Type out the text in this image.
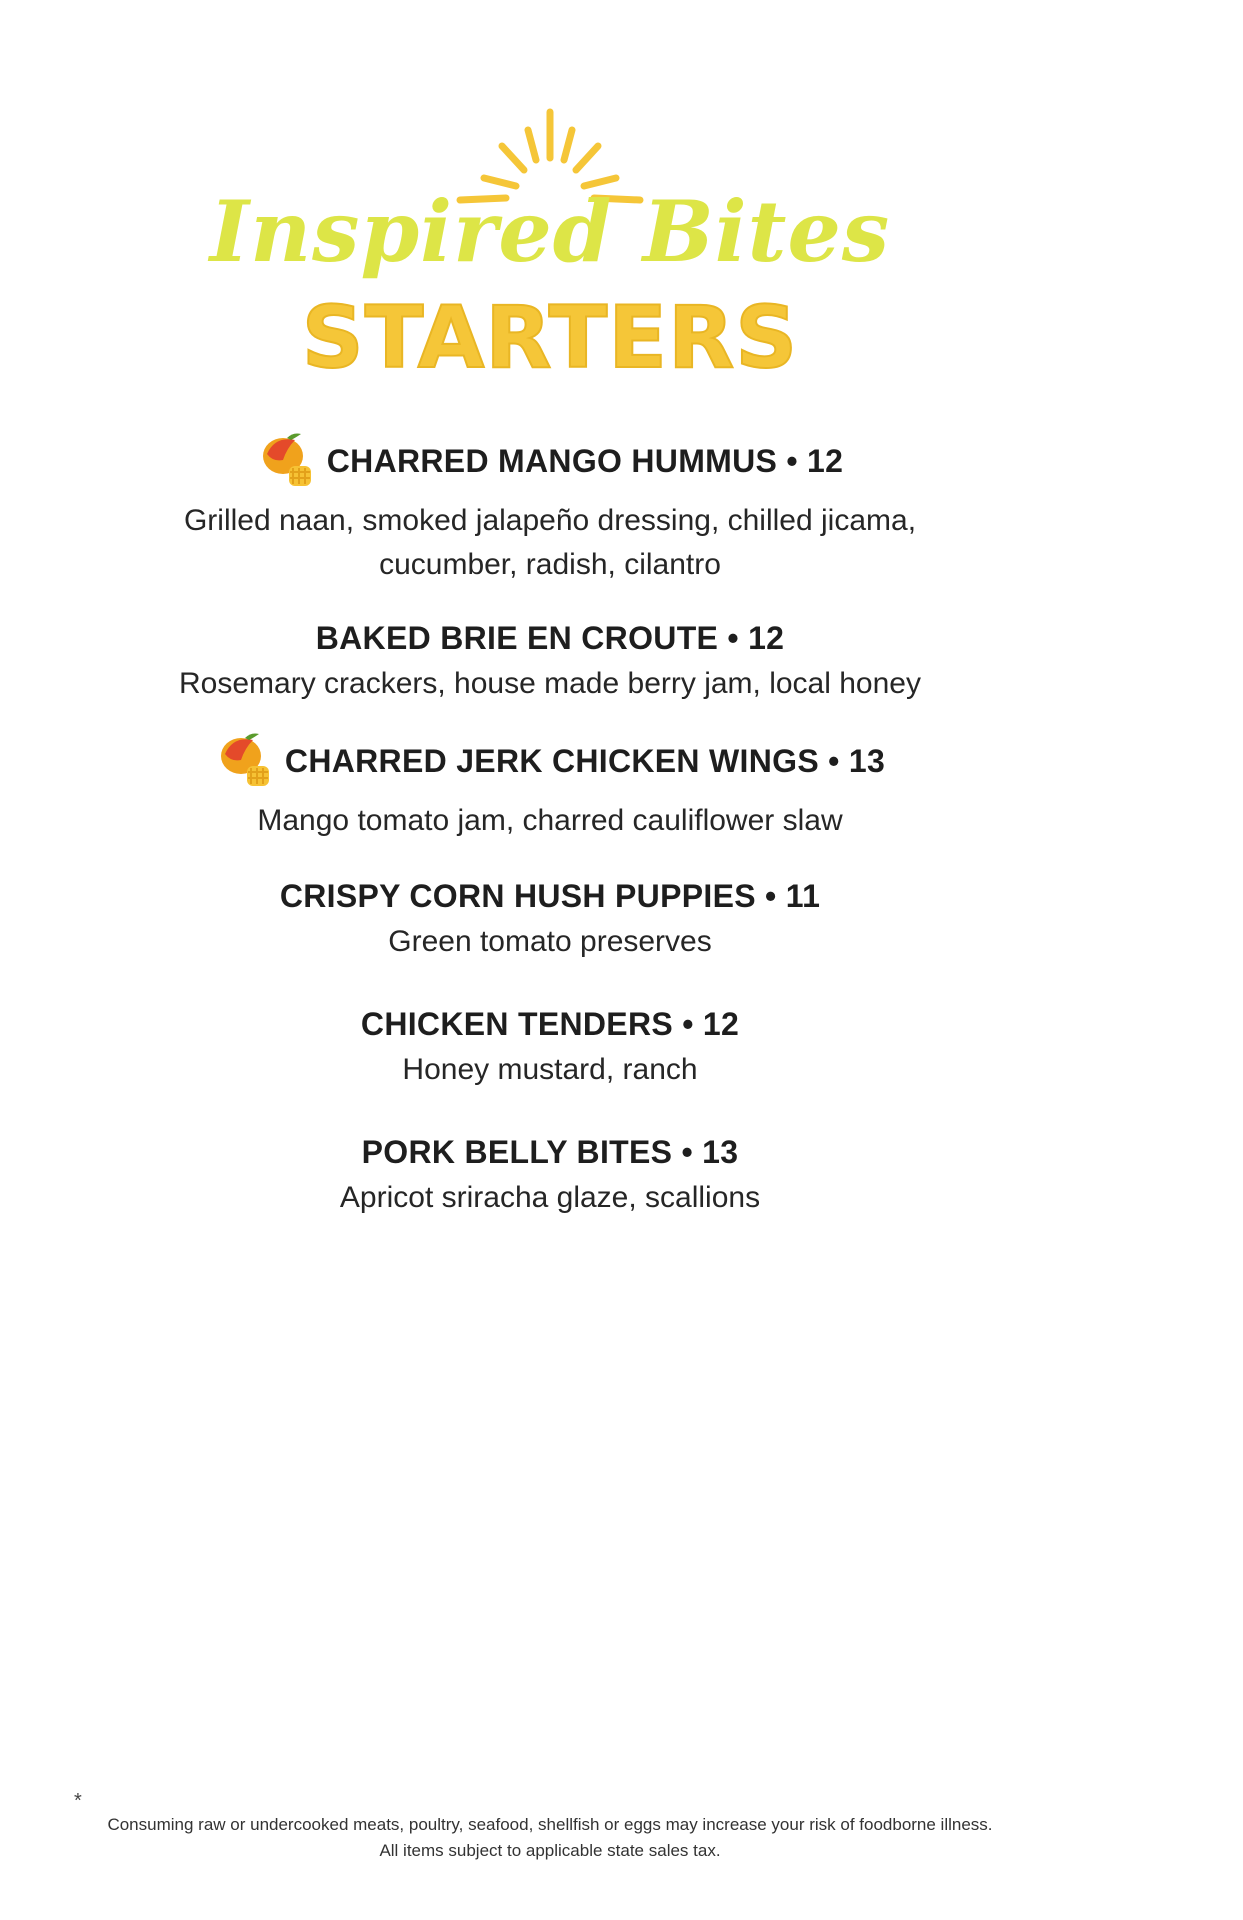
Inspired Bites
STARTERS
CHARRED MANGO HUMMUS • 12
Grilled naan, smoked jalapeño dressing, chilled jicama,
cucumber, radish, cilantro
BAKED BRIE EN CROUTE • 12
Rosemary crackers, house made berry jam, local honey
CHARRED JERK CHICKEN WINGS • 13
Mango tomato jam, charred cauliflower slaw
CRISPY CORN HUSH PUPPIES • 11
Green tomato preserves
CHICKEN TENDERS • 12
Honey mustard, ranch
PORK BELLY BITES • 13
Apricot sriracha glaze, scallions
*
Consuming raw or undercooked meats, poultry, seafood, shellfish or eggs may increase your risk of foodborne illness.
All items subject to applicable state sales tax.
